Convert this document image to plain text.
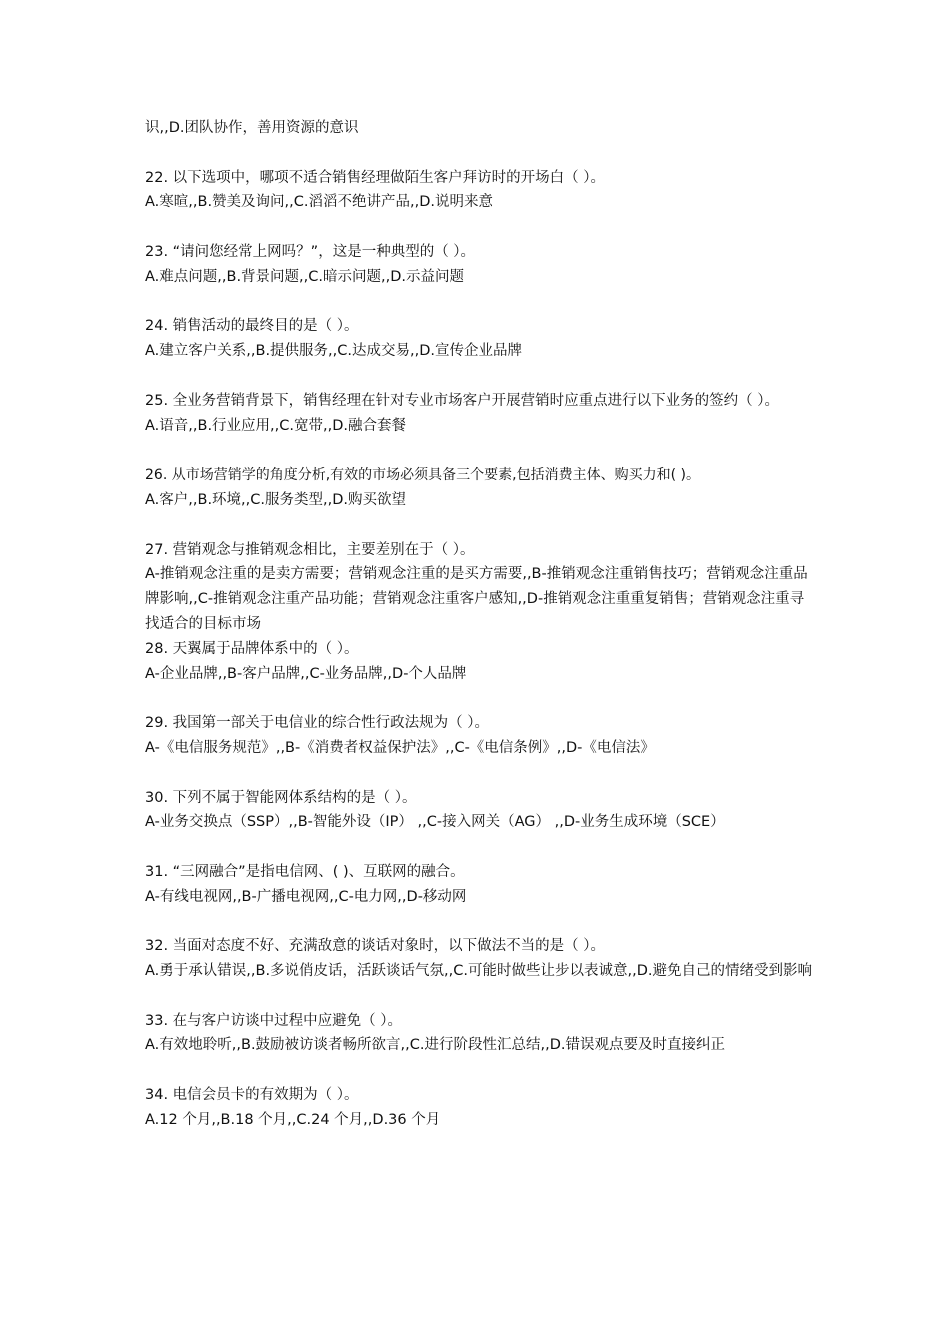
识,,D.团队协作，善用资源的意识

22. 以下选项中，哪项不适合销售经理做陌生客户拜访时的开场白（ ）。

A.寒暄,,B.赞美及询问,,C.滔滔不绝讲产品,,D.说明来意

23. “请问您经常上网吗？”，这是一种典型的（ ）。

A.难点问题,,B.背景问题,,C.暗示问题,,D.示益问题

24. 销售活动的最终目的是（ ）。

A.建立客户关系,,B.提供服务,,C.达成交易,,D.宣传企业品牌

25. 全业务营销背景下，销售经理在针对专业市场客户开展营销时应重点进行以下业务的签约（ ）。

A.语音,,B.行业应用,,C.宽带,,D.融合套餐

26. 从市场营销学的角度分析,有效的市场必须具备三个要素,包括消费主体、购买力和( )。

A.客户,,B.环境,,C.服务类型,,D.购买欲望

27. 营销观念与推销观念相比，主要差别在于（ ）。

A-推销观念注重的是卖方需要；营销观念注重的是买方需要,,B-推销观念注重销售技巧；营销观念注重品牌影响,,C-推销观念注重产品功能；营销观念注重客户感知,,D-推销观念注重重复销售；营销观念注重寻找适合的目标市场

28. 天翼属于品牌体系中的（ ）。

A-企业品牌,,B-客户品牌,,C-业务品牌,,D-个人品牌

29. 我国第一部关于电信业的综合性行政法规为（ ）。

A-《电信服务规范》,,B-《消费者权益保护法》,,C-《电信条例》,,D-《电信法》

30. 下列不属于智能网体系结构的是（ ）。

A-业务交换点（SSP）,,B-智能外设（IP） ,,C-接入网关（AG） ,,D-业务生成环境（SCE）

31. “三网融合”是指电信网、( )、互联网的融合。

A-有线电视网,,B-广播电视网,,C-电力网,,D-移动网

32. 当面对态度不好、充满敌意的谈话对象时，以下做法不当的是（ ）。

A.勇于承认错误,,B.多说俏皮话，活跃谈话气氛,,C.可能时做些让步以表诚意,,D.避免自己的情绪受到影响

33. 在与客户访谈中过程中应避免（ ）。

A.有效地聆听,,B.鼓励被访谈者畅所欲言,,C.进行阶段性汇总结,,D.错误观点要及时直接纠正

34. 电信会员卡的有效期为（ ）。

A.12 个月,,B.18 个月,,C.24 个月,,D.36 个月
